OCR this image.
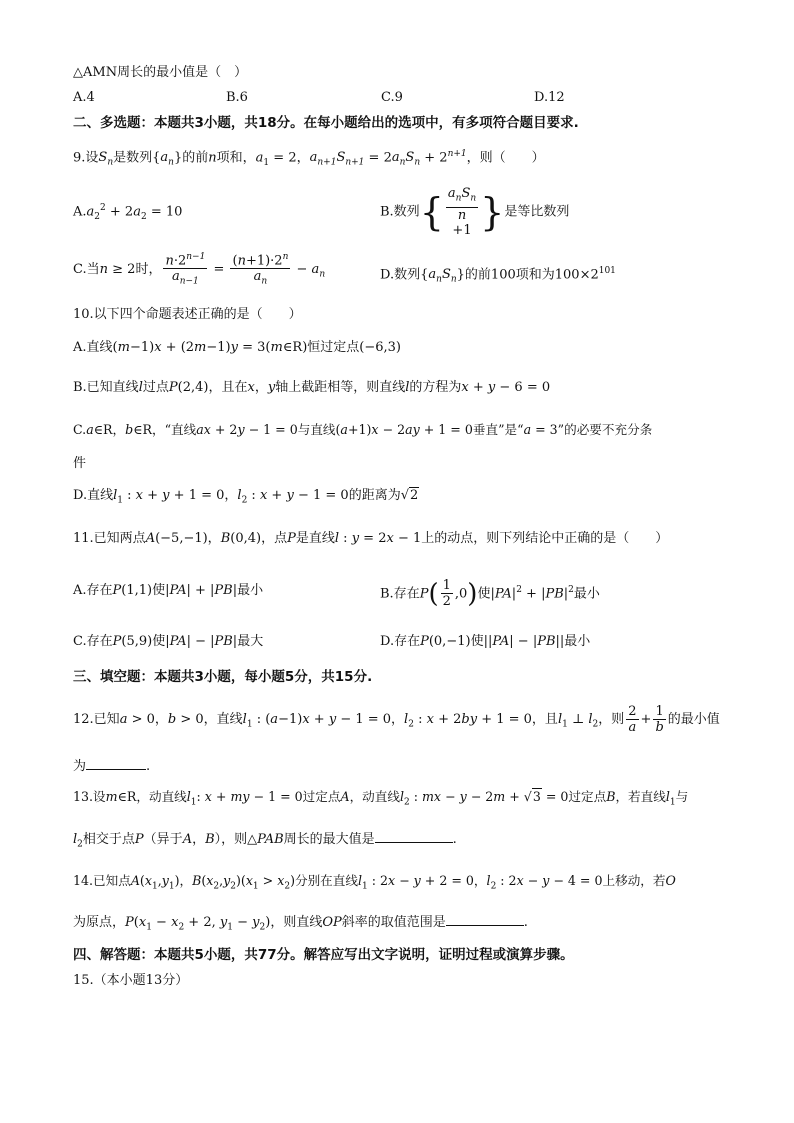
△AMN周长的最小值是（　）
A.4	B.6	C.9	D.12
二、多选题：本题共3小题，共18分。在每小题给出的选项中，有多项符合题目要求.
9.设$S_n$是数列$\{a_n\}$的前n项和，$a_1 = 2$，$a_{n+1}S_{n+1} = 2a_nS_n + 2^{n+1}$，则（　　）
$A.a_2^2 + 2a_2 = 10$	B.数列{ $a_nS_n$
n
+1 }是等比数列
C.当n ≥ 2时， $\frac{n\cdot 2^{n-1}}{a_{n-1}} = \frac{(n+1)\cdot 2^n}{a_n} - a_n$	D.数列$\{a_nS_n\}$的前100项和为$100\times 2^{101}$
10.以下四个命题表述正确的是（　　）
A.直线(m−1)x + (2m−1)y = 3(m∈R)恒过定点(−6,3)
B.已知直线l过点P(2,4)，且在x，y轴上截距相等，则直线l的方程为x + y − 6 = 0
C.a∈R，b∈R，“直线ax + 2y − 1 = 0与直线(a+1)x − 2ay + 1 = 0垂直”是“a = 3”的必要不充分条
件
D.直线$l_1$ : x + y + 1 = 0，$l_2$ : x + y − 1 = 0的距离为√2
11.已知两点A(−5,−1)，B(0,4)，点P是直线l : y = 2x − 1上的动点，则下列结论中正确的是（　　）
A.存在P(1,1)使|PA| + |PB|最小	B.存在$P( \frac{1}{2} ,0)$使$|PA|^2 + |PB|^2$最小
C.存在P(5,9)使|PA| − |PB|最大	D.存在P(0,−1)使||PA| − |PB||最小
三、填空题：本题共3小题，每小题5分，共15分.
12.已知a > 0，b > 0，直线$l_1$ : (a−1)x + y − 1 = 0，$l_2$ : x + 2by + 1 = 0，且$l_1$ ⊥ $l_2$，则 $\frac{2}{a} + \frac{1}{b}$ 的最小值
为	.
13.设m∈R，动直线$l_1$: x + my − 1 = 0过定点A，动直线$l_2$ : mx − y − 2m + √3 = 0过定点B，若直线$l_1$与
$l_2$相交于点P（异于A，B），则△PAB周长的最大值是	.
14.已知点$A(x_1,y_1)$，$B(x_2,y_2)(x_1 > x_2)$分别在直线$l_1$ : 2x − y + 2 = 0，$l_2$ : 2x − y − 4 = 0上移动，若O
为原点，$P(x_1 - x_2 + 2$, $y_1 - y_2$)，则直线OP斜率的取值范围是	.
四、解答题：本题共5小题，共77分。解答应写出文字说明，证明过程或演算步骤。
15.（本小题13分）
